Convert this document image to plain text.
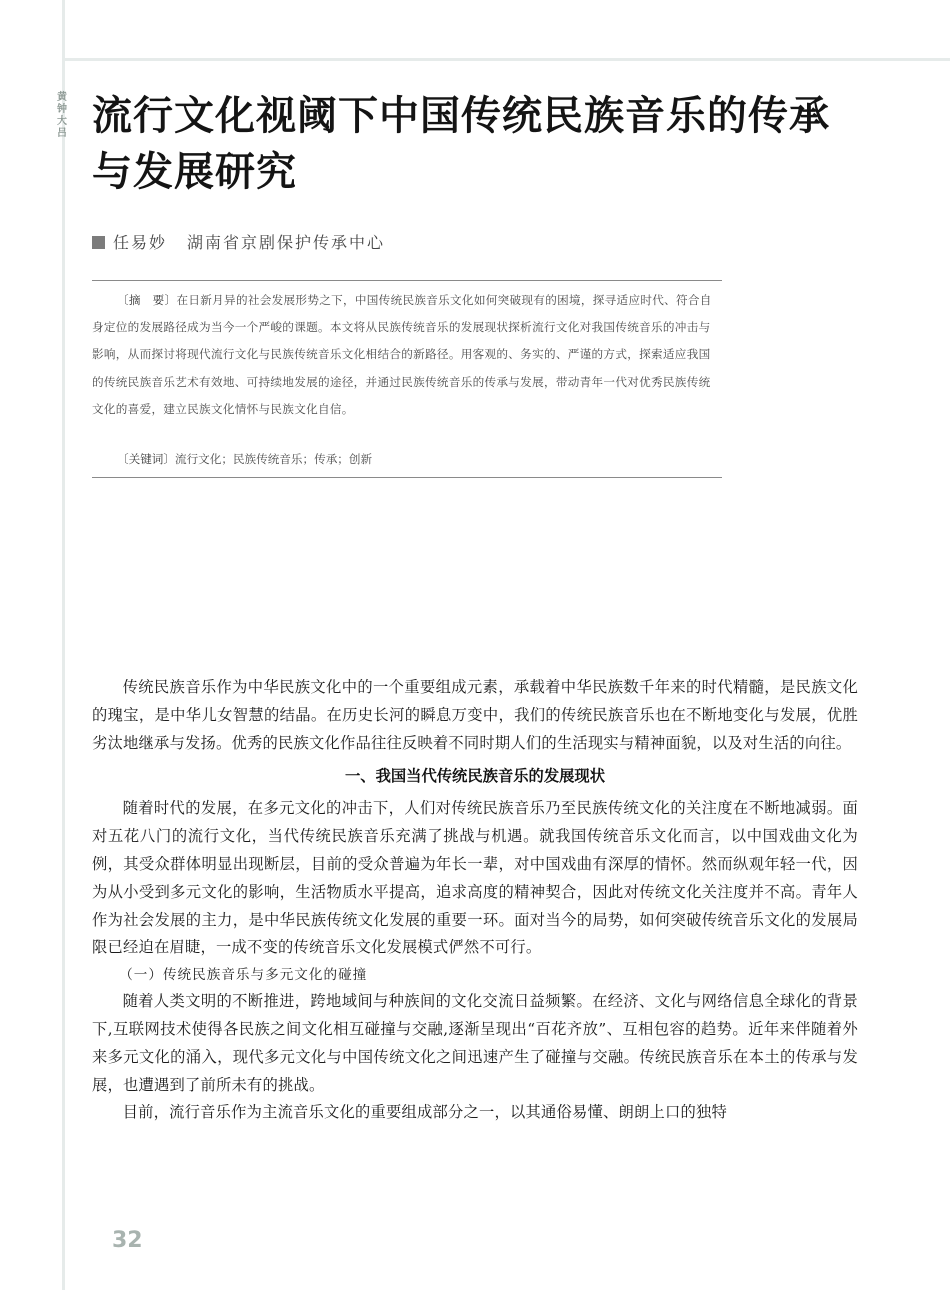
黄钟大吕 流行文化视阈下中国传统民族音乐的传承与发展研究
任易妙 湖南省京剧保护传承中心

〔摘　要〕在日新月异的社会发展形势之下，中国传统民族音乐文化如何突破现有的困境，探寻适应时代、符合自身定位的发展路径成为当今一个严峻的课题。本文将从民族传统音乐的发展现状探析流行文化对我国传统音乐的冲击与影响，从而探讨将现代流行文化与民族传统音乐文化相结合的新路径。用客观的、务实的、严谨的方式，探索适应我国的传统民族音乐艺术有效地、可持续地发展的途径，并通过民族传统音乐的传承与发展，带动青年一代对优秀民族传统文化的喜爱，建立民族文化情怀与民族文化自信。

〔关键词〕流行文化；民族传统音乐；传承；创新

传统民族音乐作为中华民族文化中的一个重要组成元素，承载着中华民族数千年来的时代精髓，是民族文化的瑰宝，是中华儿女智慧的结晶。在历史长河的瞬息万变中，我们的传统民族音乐也在不断地变化与发展，优胜劣汰地继承与发扬。优秀的民族文化作品往往反映着不同时期人们的生活现实与精神面貌，以及对生活的向往。

一、我国当代传统民族音乐的发展现状

随着时代的发展，在多元文化的冲击下，人们对传统民族音乐乃至民族传统文化的关注度在不断地减弱。面对五花八门的流行文化，当代传统民族音乐充满了挑战与机遇。就我国传统音乐文化而言，以中国戏曲文化为例，其受众群体明显出现断层，目前的受众普遍为年长一辈，对中国戏曲有深厚的情怀。然而纵观年轻一代，因为从小受到多元文化的影响，生活物质水平提高，追求高度的精神契合，因此对传统文化关注度并不高。青年人作为社会发展的主力，是中华民族传统文化发展的重要一环。面对当今的局势，如何突破传统音乐文化的发展局限已经迫在眉睫，一成不变的传统音乐文化发展模式俨然不可行。

（一）传统民族音乐与多元文化的碰撞

随着人类文明的不断推进，跨地域间与种族间的文化交流日益频繁。在经济、文化与网络信息全球化的背景下,互联网技术使得各民族之间文化相互碰撞与交融,逐渐呈现出“百花齐放”、互相包容的趋势。近年来伴随着外来多元文化的涌入，现代多元文化与中国传统文化之间迅速产生了碰撞与交融。传统民族音乐在本土的传承与发展，也遭遇到了前所未有的挑战。

目前，流行音乐作为主流音乐文化的重要组成部分之一，以其通俗易懂、朗朗上口的独特

32
